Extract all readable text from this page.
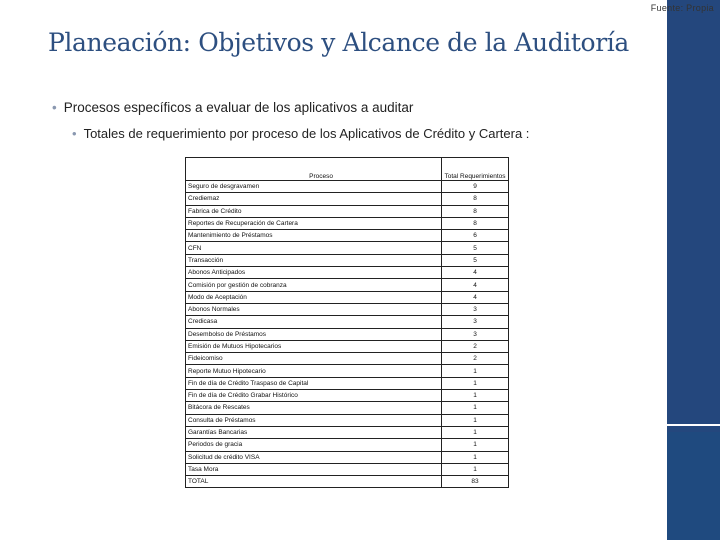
Fuente: Propia
Planeación: Objetivos y Alcance de la Auditoría
• Procesos específicos a evaluar de los aplicativos a auditar
• Totales de requerimiento por proceso de los Aplicativos de Crédito y Cartera :
Proceso	Total Requerimientos
Seguro de desgravamen	9
Crediemaz	8
Fabrica de Crédito	8
Reportes de Recuperación de Cartera	8
Mantenimiento de Préstamos	6
CFN	5
Transacción	5
Abonos Anticipados	4
Comisión por gestión de cobranza	4
Modo de Aceptación	4
Abonos Normales	3
Credicasa	3
Desembolso de Préstamos	3
Emisión de Mutuos Hipotecarios	2
Fideicomiso	2
Reporte Mutuo Hipotecario	1
Fin de día de Crédito Traspaso de Capital	1
Fin de día de Crédito Grabar Histórico	1
Bitácora de Rescates	1
Consulta de Préstamos	1
Garantías Bancarias	1
Periodos de gracia	1
Solicitud de crédito VISA	1
Tasa Mora	1
TOTAL	83
